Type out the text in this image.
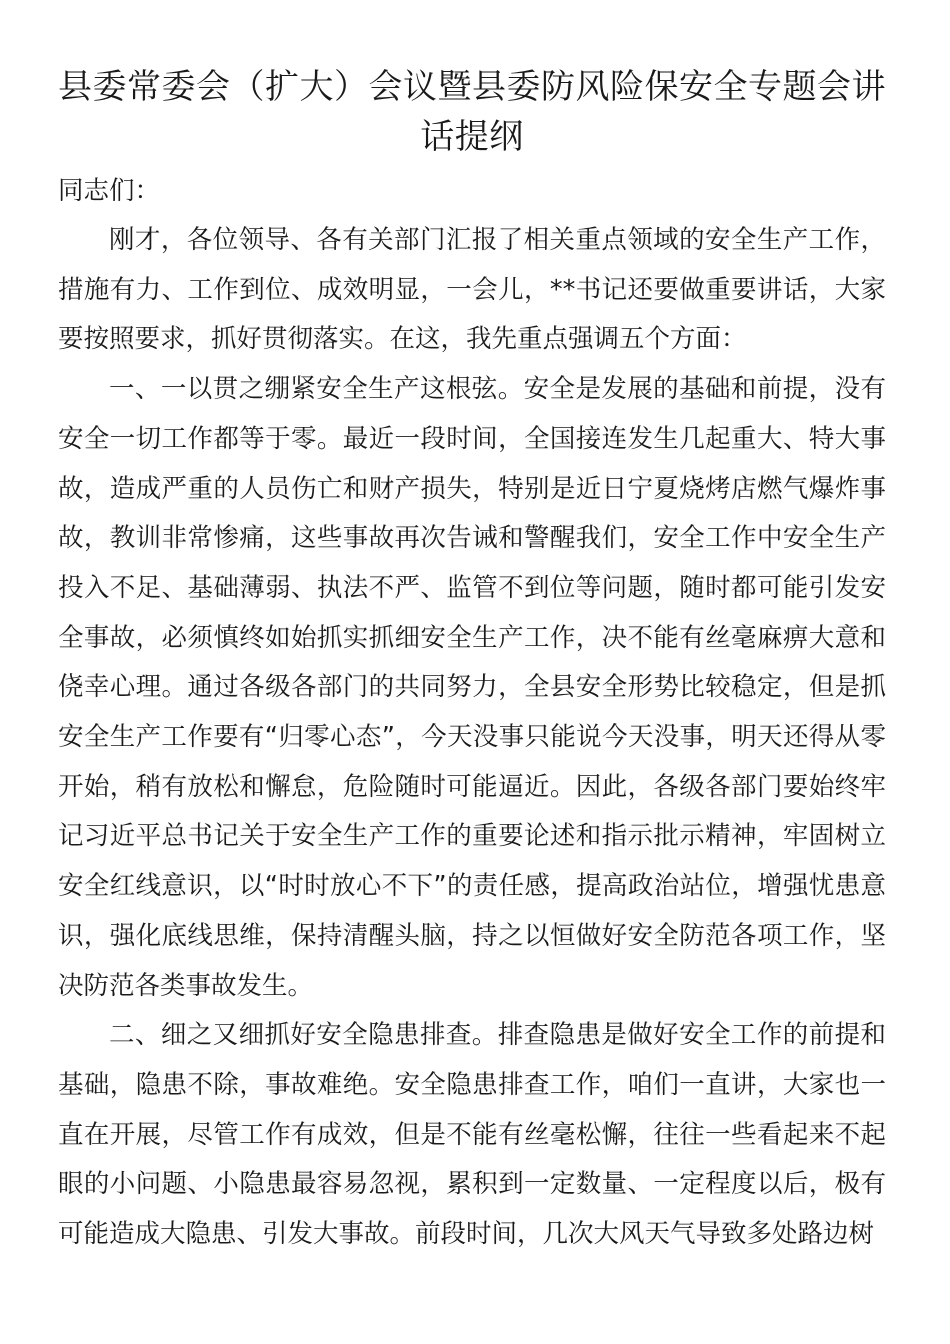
县委常委会（扩大）会议暨县委防风险保安全专题会讲话提纲

同志们：

刚才，各位领导、各有关部门汇报了相关重点领域的安全生产工作，措施有力、工作到位、成效明显，一会儿，**书记还要做重要讲话，大家要按照要求，抓好贯彻落实。在这，我先重点强调五个方面：

一、一以贯之绷紧安全生产这根弦。安全是发展的基础和前提，没有安全一切工作都等于零。最近一段时间，全国接连发生几起重大、特大事故，造成严重的人员伤亡和财产损失，特别是近日宁夏烧烤店燃气爆炸事故，教训非常惨痛，这些事故再次告诫和警醒我们，安全工作中安全生产投入不足、基础薄弱、执法不严、监管不到位等问题，随时都可能引发安全事故，必须慎终如始抓实抓细安全生产工作，决不能有丝毫麻痹大意和侥幸心理。通过各级各部门的共同努力，全县安全形势比较稳定，但是抓安全生产工作要有“归零心态”，今天没事只能说今天没事，明天还得从零开始，稍有放松和懈怠，危险随时可能逼近。因此，各级各部门要始终牢记习近平总书记关于安全生产工作的重要论述和指示批示精神，牢固树立安全红线意识，以“时时放心不下”的责任感，提高政治站位，增强忧患意识，强化底线思维，保持清醒头脑，持之以恒做好安全防范各项工作，坚决防范各类事故发生。

二、细之又细抓好安全隐患排查。排查隐患是做好安全工作的前提和基础，隐患不除，事故难绝。安全隐患排查工作，咱们一直讲，大家也一直在开展，尽管工作有成效，但是不能有丝毫松懈，往往一些看起来不起眼的小问题、小隐患最容易忽视，累积到一定数量、一定程度以后，极有可能造成大隐患、引发大事故。前段时间，几次大风天气导致多处路边树
